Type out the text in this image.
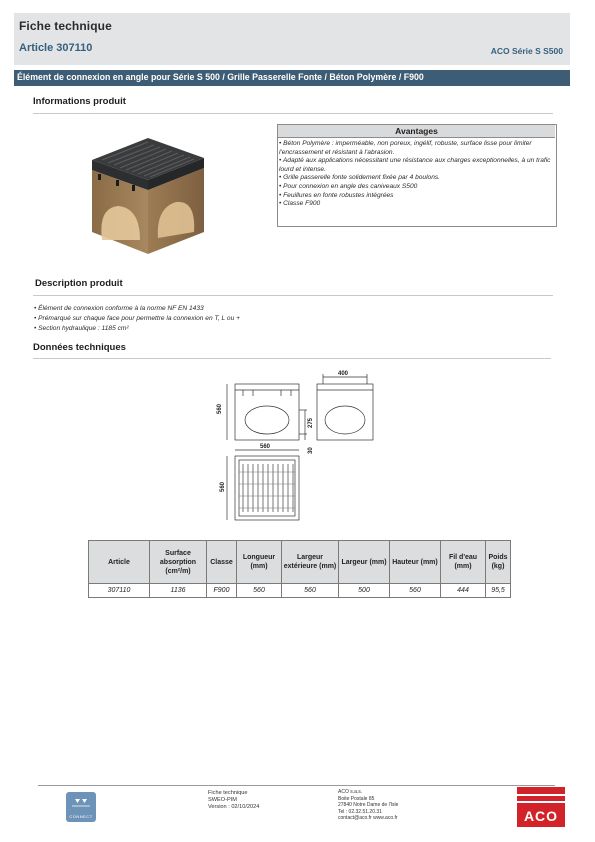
Fiche technique
Article 307110	ACO Série S S500
Élément de connexion en angle pour Série S 500 / Grille Passerelle Fonte / Béton Polymère / F900
Informations produit
Avantages
• Béton Polymère : imperméable, non poreux, ingélif, robuste, surface lisse pour limiter l'encrassement et résistant à l'abrasion.
• Adapté aux applications nécessitant une résistance aux charges exceptionnelles, à un trafic lourd et intense.
• Grille passerelle fonte solidement fixée par 4 boulons.
• Pour connexion en angle des caniveaux S500
• Feuillures en fonte robustes intégrées
• Classe F900
Description produit
• Élément de connexion conforme à la norme NF EN 1433
• Prémarqué sur chaque face pour permettre la connexion en T, L ou +
• Section hydraulique : 1185 cm²
Données techniques
560
275
30
400
560
560
Article	Surface absorption (cm²/m)	Classe	Longueur (mm)	Largeur extérieure (mm)	Largeur (mm)	Hauteur (mm)	Fil d'eau (mm)	Poids (kg)
307110	1136	F900	560	560	500	560	444	95,5
CONNECT
Fiche technique
SWEO-PIM
Version : 02/10/2024
ACO s.a.s.
Boite Postale 85
27840 Notre Dame de l'Isle
Tel : 02.32.51.20.31
contact@aco.fr www.aco.fr	ACO
